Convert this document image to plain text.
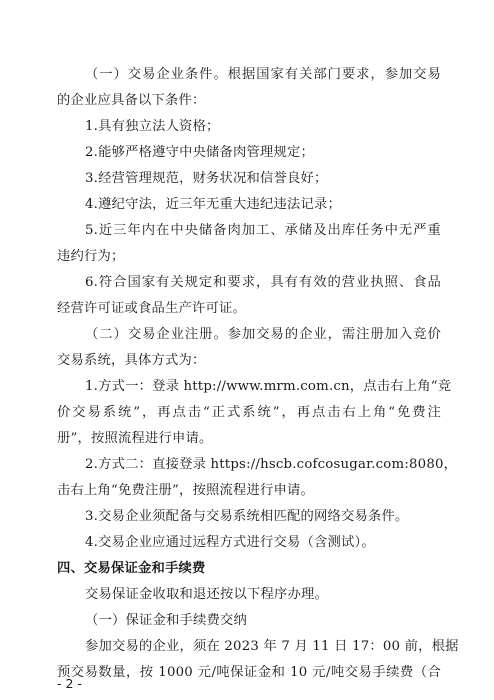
（一）交易企业条件。根据国家有关部门要求，参加交易
的企业应具备以下条件：
1.具有独立法人资格；
2.能够严格遵守中央储备肉管理规定；
3.经营管理规范，财务状况和信誉良好；
4.遵纪守法，近三年无重大违纪违法记录；
5.近三年内在中央储备肉加工、承储及出库任务中无严重
违约行为；
6.符合国家有关规定和要求，具有有效的营业执照、食品
经营许可证或食品生产许可证。
（二）交易企业注册。参加交易的企业，需注册加入竞价
交易系统，具体方式为：
1.方式一：登录 http://www.mrm.com.cn，点击右上角“竞
价交易系统”，再点击“正式系统”，再点击右上角“免费注
册”，按照流程进行申请。
2.方式二：直接登录 https://hscb.cofcosugar.com:8080，
击右上角“免费注册”，按照流程进行申请。
3.交易企业须配备与交易系统相匹配的网络交易条件。
4.交易企业应通过远程方式进行交易（含测试）。
四、交易保证金和手续费
交易保证金收取和退还按以下程序办理。
（一）保证金和手续费交纳
参加交易的企业，须在 2023 年 7 月 11 日 17：00 前，根据
预交易数量，按 1000 元/吨保证金和 10 元/吨交易手续费（合
- 2 -
